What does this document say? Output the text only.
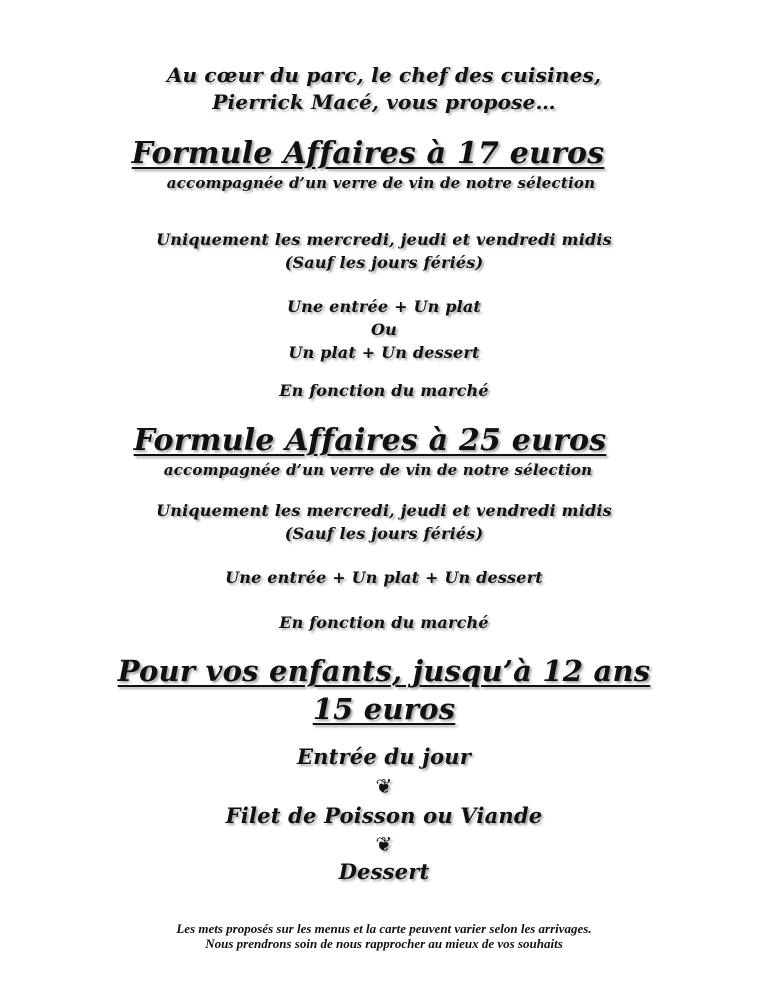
Au cœur du parc, le chef des cuisines,
Pierrick Macé, vous propose…
Formule Affaires à 17 euros
accompagnée d’un verre de vin de notre sélection
Uniquement les mercredi, jeudi et vendredi midis
(Sauf les jours fériés)
Une entrée + Un plat
Ou
Un plat + Un dessert
En fonction du marché
Formule Affaires à 25 euros
accompagnée d’un verre de vin de notre sélection
Uniquement les mercredi, jeudi et vendredi midis
(Sauf les jours fériés)
Une entrée + Un plat + Un dessert
En fonction du marché
Pour vos enfants, jusqu’à 12 ans
15 euros
Entrée du jour
❦
Filet de Poisson ou Viande
❦
Dessert
Les mets proposés sur les menus et la carte peuvent varier selon les arrivages.
Nous prendrons soin de nous rapprocher au mieux de vos souhaits
